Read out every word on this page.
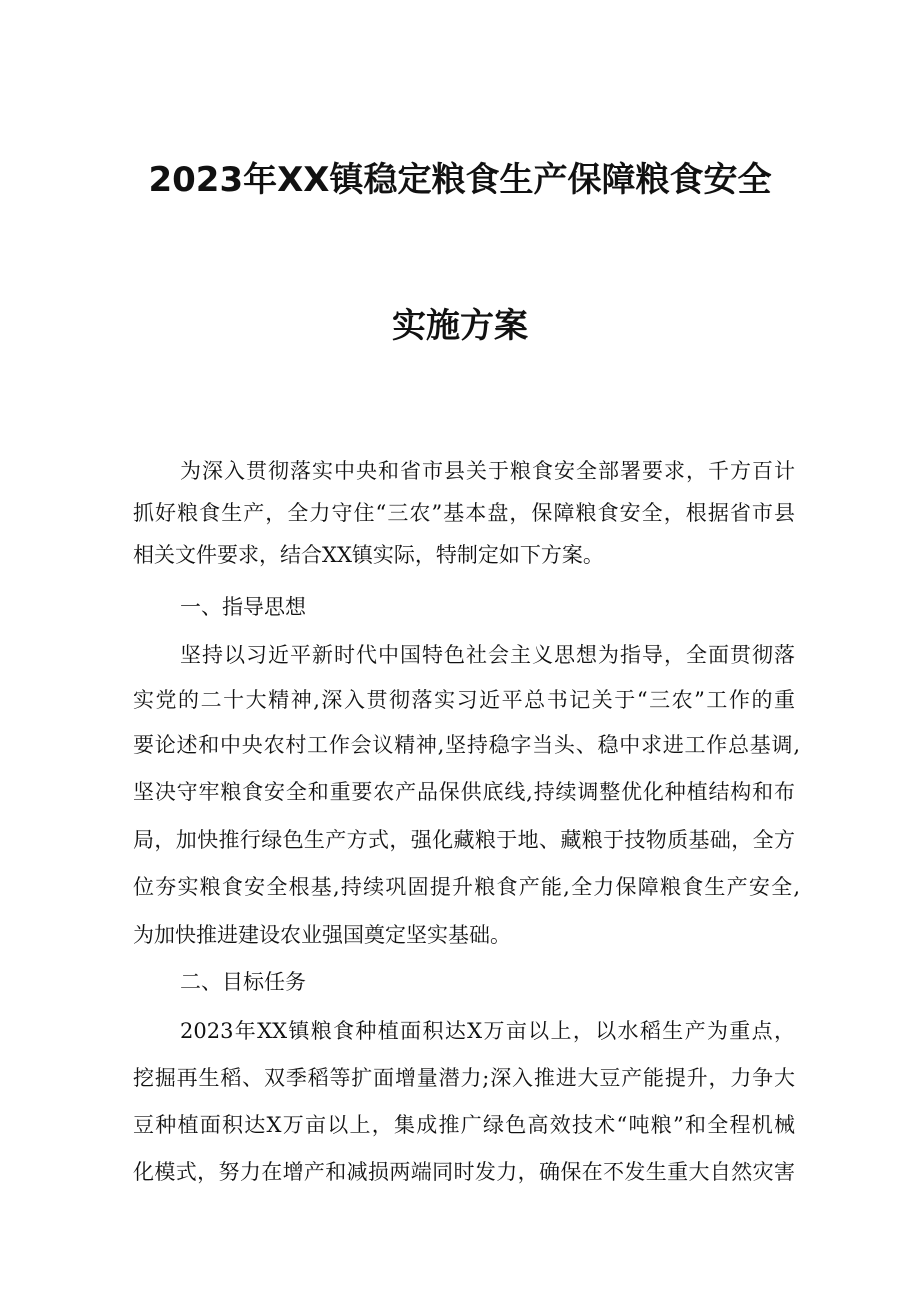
2023年XX镇稳定粮食生产保障粮食安全
实施方案

为深入贯彻落实中央和省市县关于粮食安全部署要求，千方百计

抓好粮食生产，全力守住“三农”基本盘，保障粮食安全，根据省市县

相关文件要求，结合XX镇实际，特制定如下方案。

一、指导思想

坚持以习近平新时代中国特色社会主义思想为指导，全面贯彻落

实党的二十大精神,深入贯彻落实习近平总书记关于“三农”工作的重

要论述和中央农村工作会议精神,坚持稳字当头、稳中求进工作总基调,

坚决守牢粮食安全和重要农产品保供底线,持续调整优化种植结构和布

局，加快推行绿色生产方式，强化藏粮于地、藏粮于技物质基础，全方

位夯实粮食安全根基,持续巩固提升粮食产能,全力保障粮食生产安全,

为加快推进建设农业强国奠定坚实基础。

二、目标任务

2023年XX镇粮食种植面积达X万亩以上，以水稻生产为重点，

挖掘再生稻、双季稻等扩面增量潜力;深入推进大豆产能提升，力争大

豆种植面积达X万亩以上，集成推广绿色高效技术“吨粮”和全程机械

化模式，努力在增产和减损两端同时发力，确保在不发生重大自然灾害
